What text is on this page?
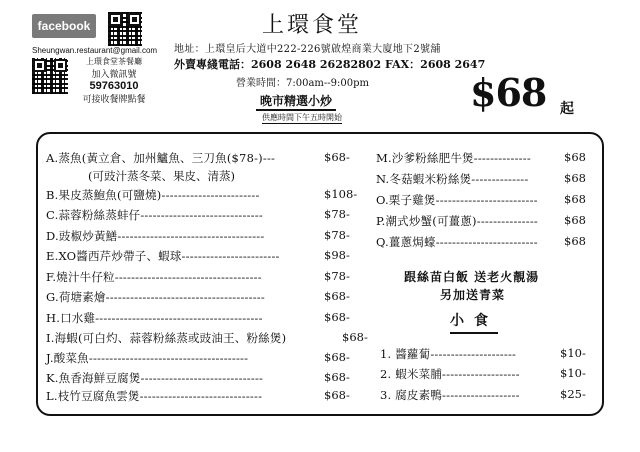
facebook
Sheungwan.restaurant@gmail.com
上環食堂茶餐廳
加入微訊號
59763010
可接收餐牌點餐
上環食堂
地址：上環皇后大道中222-226號啟煌商業大廈地下2號舖
外賣專綫電話：2608 2648 26282802 FAX：2608 2647
營業時間：7:00am--9:00pm
晚市精選小炒
供應時間下午五時開始
$68 起
A.蒸魚(黃立倉、加州鱸魚、三刀魚($78-)---	$68-
(可豉汁蒸冬菜、果皮、清蒸)
B.果皮蒸鮑魚(可鹽燒)------------------------	$108-
C.蒜蓉粉絲蒸蚌仔------------------------------	$78-
D.豉椒炒黃鱔------------------------------------	$78-
E.XO醬西芹炒帶子、蝦球------------------------	$98-
F.燒汁牛仔粒------------------------------------	$78-
G.荷塘素燴---------------------------------------	$68-
H.口水雞-----------------------------------------	$68-
I.海蝦(可白灼、蒜蓉粉絲蒸或豉油王、粉絲煲)	$68-
J.酸菜魚---------------------------------------	$68-
K.魚香海鮮豆腐煲------------------------------	$68-
L.枝竹豆腐魚雲煲------------------------------	$68-
M.沙爹粉絲肥牛煲--------------	$68
N.冬菇蝦米粉絲煲--------------	$68
O.栗子雞煲------------------------- $68
P.潮式炒蟹(可薑蔥)--------------- $68
Q.薑蔥焗蠔------------------------- $68
跟絲苗白飯 送老火靚湯
另加送青菜
小食
1. 醬蘿蔔---------------------	$10-
2. 蝦米菜脯-------------------	$10-
3. 腐皮素鴨-------------------	$25-
